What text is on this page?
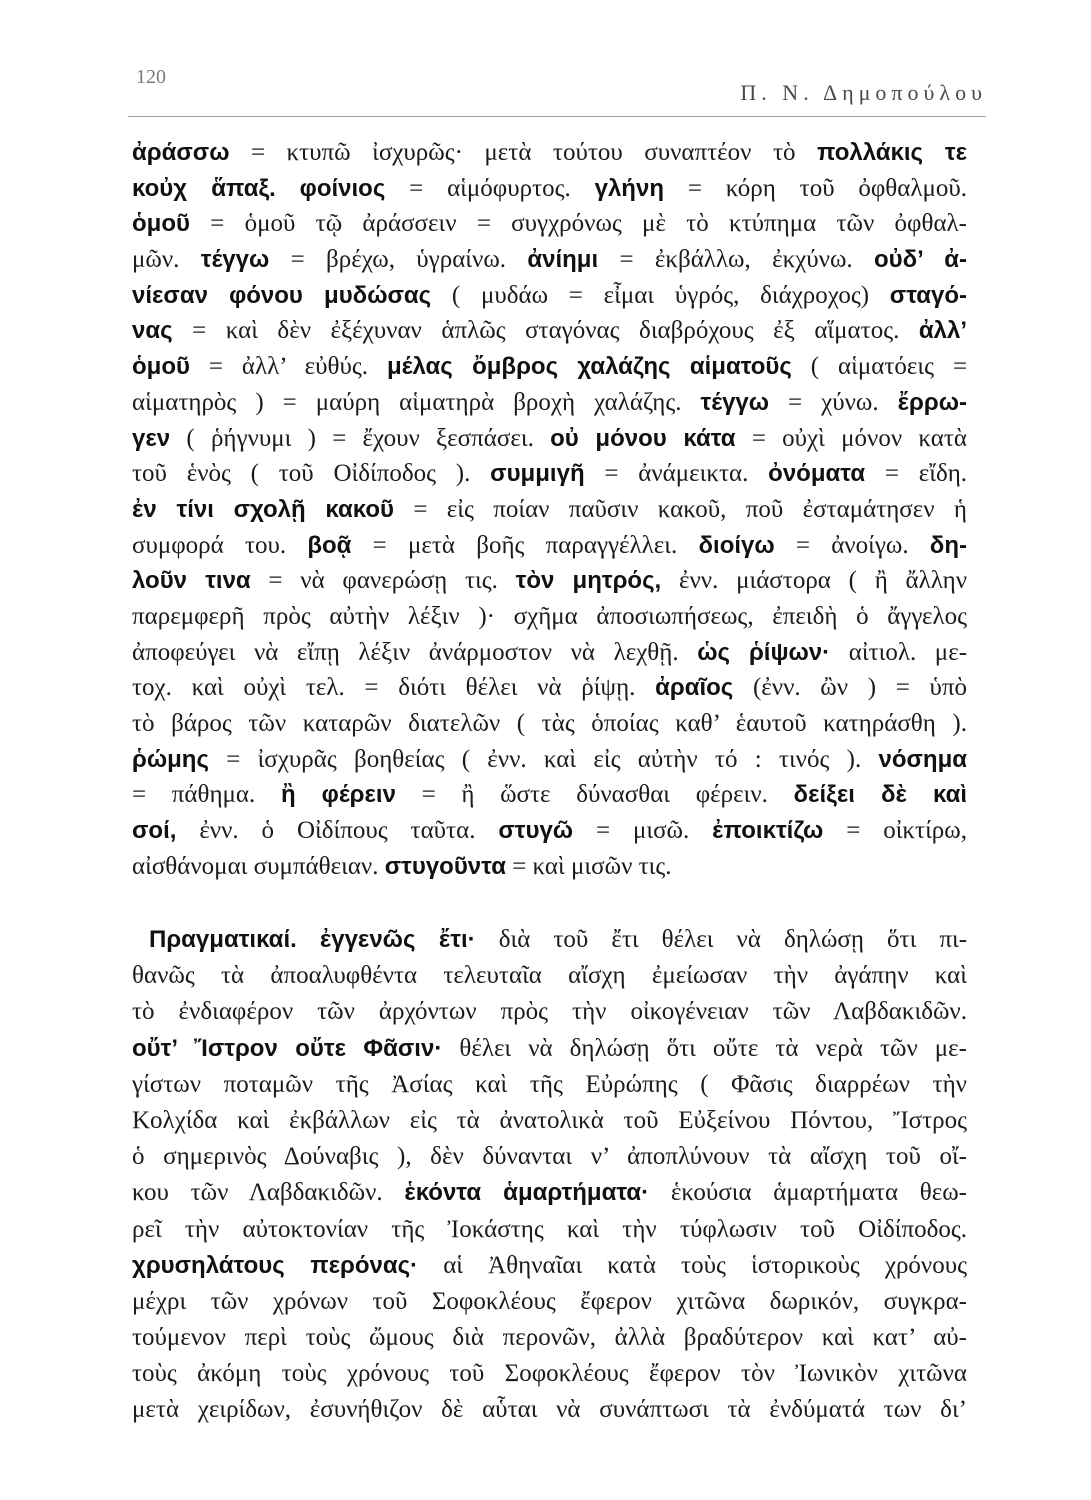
120
Π. Ν. Δημοπούλου
ἀράσσω = κτυπῶ ἰσχυρῶς· μετὰ τούτου συναπτέον τὸ πολλάκις τε
κοὐχ ἅπαξ. φοίνιος = αἱμόφυρτος. γλήνη = κόρη τοῦ ὀφθαλμοῦ.
ὁμοῦ = ὁμοῦ τῷ ἀράσσειν = συγχρόνως μὲ τὸ κτύπημα τῶν ὀφθαλ-
μῶν. τέγγω = βρέχω, ὑγραίνω. ἀνίημι = ἐκβάλλω, ἐκχύνω. οὐδ’ ἀ-
νίεσαν φόνου μυδώσας ( μυδάω = εἶμαι ὑγρός, διάχροχος) σταγό-
νας = καὶ δὲν ἐξέχυναν ἁπλῶς σταγόνας διαβρόχους ἐξ αἵματος. ἀλλ’
ὁμοῦ = ἀλλ’ εὐθύς. μέλας ὄμβρος χαλάζης αἱματοῦς ( αἱματόεις =
αἱματηρὸς ) = μαύρη αἱματηρὰ βροχὴ χαλάζης. τέγγω = χύνω. ἔρρω-
γεν ( ῥήγνυμι ) = ἔχουν ξεσπάσει. οὐ μόνου κάτα = οὐχὶ μόνον κατὰ
τοῦ ἑνὸς ( τοῦ Οἰδίποδος ). συμμιγῆ = ἀνάμεικτα. ὀνόματα = εἴδη.
ἐν τίνι σχολῇ κακοῦ = εἰς ποίαν παῦσιν κακοῦ, ποῦ ἐσταμάτησεν ἡ
συμφορά του. βοᾷ = μετὰ βοῆς παραγγέλλει. διοίγω = ἀνοίγω. δη-
λοῦν τινα = νὰ φανερώσῃ τις. τὸν μητρός, ἐνν. μιάστορα ( ἢ ἄλλην
παρεμφερῆ πρὸς αὐτὴν λέξιν )· σχῆμα ἀποσιωπήσεως, ἐπειδὴ ὁ ἄγγελος
ἀποφεύγει νὰ εἴπῃ λέξιν ἀνάρμοστον νὰ λεχθῇ. ὡς ῥίψων· αἰτιολ. με-
τοχ. καὶ οὐχὶ τελ. = διότι θέλει νὰ ῥίψῃ. ἀραῖος (ἐνν. ὢν ) = ὑπὸ
τὸ βάρος τῶν καταρῶν διατελῶν ( τὰς ὁποίας καθ’ ἑαυτοῦ κατηράσθη ).
ῥώμης = ἰσχυρᾶς βοηθείας ( ἐνν. καὶ εἰς αὐτὴν τό : τινός ). νόσημα
= πάθημα. ἢ φέρειν = ἢ ὥστε δύνασθαι φέρειν. δείξει δὲ καὶ
σοί, ἐνν. ὁ Οἰδίπους ταῦτα. στυγῶ = μισῶ. ἐποικτίζω = οἰκτίρω,
αἰσθάνομαι συμπάθειαν. στυγοῦντα = καὶ μισῶν τις.
Πραγματικαί. ἐγγενῶς ἔτι· διὰ τοῦ ἔτι θέλει νὰ δηλώσῃ ὅτι πι-
θανῶς τὰ ἀποαλυφθέντα τελευταῖα αἴσχη ἐμείωσαν τὴν ἀγάπην καὶ
τὸ ἐνδιαφέρον τῶν ἀρχόντων πρὸς τὴν οἰκογένειαν τῶν Λαβδακιδῶν.
οὔτ’ Ἴστρον οὔτε Φᾶσιν· θέλει νὰ δηλώσῃ ὅτι οὔτε τὰ νερὰ τῶν με-
γίστων ποταμῶν τῆς Ἀσίας καὶ τῆς Εὐρώπης ( Φᾶσις διαρρέων τὴν
Κολχίδα καὶ ἐκβάλλων εἰς τὰ ἀνατολικὰ τοῦ Εὐξείνου Πόντου, Ἴστρος
ὁ σημερινὸς Δούναβις ), δὲν δύνανται ν’ ἀποπλύνουν τὰ αἴσχη τοῦ οἴ-
κου τῶν Λαβδακιδῶν. ἑκόντα ἁμαρτήματα· ἑκούσια ἁμαρτήματα θεω-
ρεῖ τὴν αὐτοκτονίαν τῆς Ἰοκάστης καὶ τὴν τύφλωσιν τοῦ Οἰδίποδος.
χρυσηλάτους περόνας· αἱ Ἀθηναῖαι κατὰ τοὺς ἱστορικοὺς χρόνους
μέχρι τῶν χρόνων τοῦ Σοφοκλέους ἔφερον χιτῶνα δωρικόν, συγκρα-
τούμενον περὶ τοὺς ὤμους διὰ περονῶν, ἀλλὰ βραδύτερον καὶ κατ’ αὐ-
τοὺς ἀκόμη τοὺς χρόνους τοῦ Σοφοκλέους ἔφερον τὸν Ἰωνικὸν χιτῶνα
μετὰ χειρίδων, ἐσυνήθιζον δὲ αὗται νὰ συνάπτωσι τὰ ἐνδύματά των δι’
